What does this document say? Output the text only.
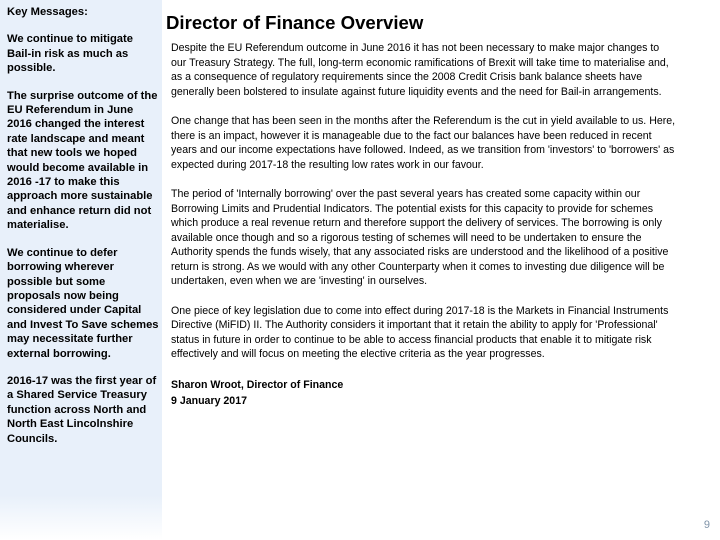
Key Messages:

We continue to mitigate Bail-in risk as much as possible.

The surprise outcome of the EU Referendum in June 2016 changed the interest rate landscape and meant that new tools we hoped would become available in 2016 -17 to make this approach more sustainable and enhance return did not materialise.

We continue to defer borrowing wherever possible but some proposals now being considered under Capital and Invest To Save schemes may necessitate further external borrowing.

2016-17 was the first year of a Shared Service Treasury function across North and North East Lincolnshire Councils.

Director of Finance Overview

Despite the EU Referendum outcome in June 2016 it has not been necessary to make major changes to our Treasury Strategy. The full, long-term economic ramifications of Brexit will take time to materialise and, as a consequence of regulatory requirements since the 2008 Credit Crisis bank balance sheets have generally been bolstered to insulate against future liquidity events and the need for Bail-in arrangements.

One change that has been seen in the months after the Referendum is the cut in yield available to us. Here, there is an impact, however it is manageable due to the fact our balances have been reduced in recent years and our income expectations have followed. Indeed, as we transition from 'investors' to 'borrowers' as expected during 2017-18 the resulting low rates work in our favour.

The period of 'Internally borrowing' over the past several years has created some capacity within our Borrowing Limits and Prudential Indicators. The potential exists for this capacity to provide for schemes which produce a real revenue return and therefore support the delivery of services. The borrowing is only available once though and so a rigorous testing of schemes will need to be undertaken to ensure the Authority spends the funds wisely, that any associated risks are understood and the likelihood of a positive return is strong. As we would with any other Counterparty when it comes to investing due diligence will be undertaken, even when we are 'investing' in ourselves.

One piece of key legislation due to come into effect during 2017-18 is the Markets in Financial Instruments Directive (MiFID) II. The Authority considers it important that it retain the ability to apply for 'Professional' status in future in order to continue to be able to access financial products that enable it to mitigate risk effectively and will focus on meeting the elective criteria as the year progresses.

Sharon Wroot, Director of Finance
9 January 2017
9
